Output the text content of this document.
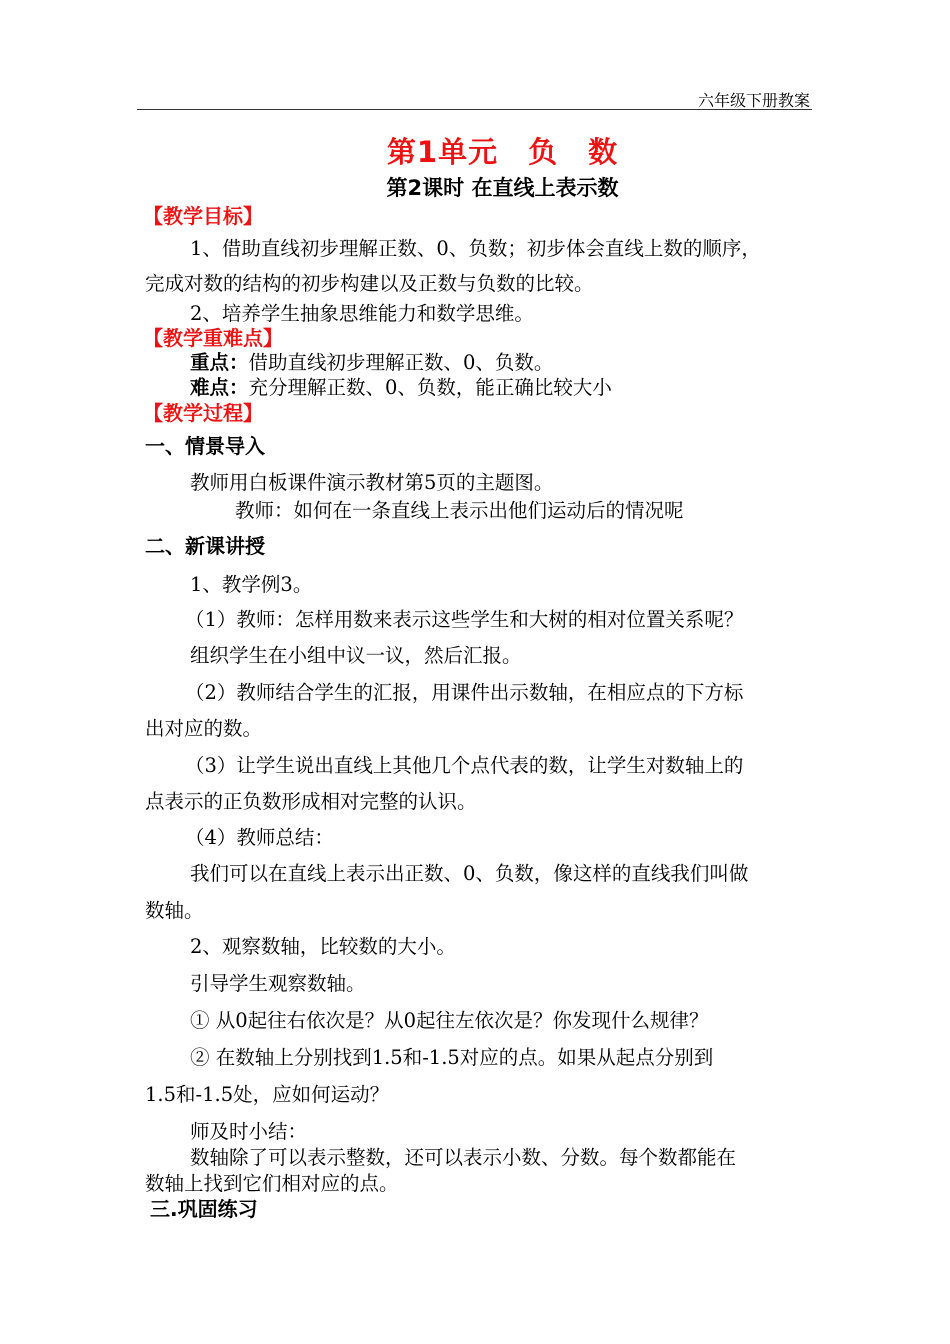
六年级下册教案
第1单元　负　数
第2课时 在直线上表示数
【教学目标】
1、借助直线初步理解正数、0、负数；初步体会直线上数的顺序，
完成对数的结构的初步构建以及正数与负数的比较。
2、培养学生抽象思维能力和数学思维。
【教学重难点】
重点：借助直线初步理解正数、0、负数。
难点：充分理解正数、0、负数，能正确比较大小
【教学过程】
一、情景导入
教师用白板课件演示教材第5页的主题图。
教师：如何在一条直线上表示出他们运动后的情况呢
二、新课讲授
1、教学例3。
（1）教师：怎样用数来表示这些学生和大树的相对位置关系呢？
组织学生在小组中议一议，然后汇报。
（2）教师结合学生的汇报，用课件出示数轴，在相应点的下方标
出对应的数。
（3）让学生说出直线上其他几个点代表的数，让学生对数轴上的
点表示的正负数形成相对完整的认识。
（4）教师总结：
我们可以在直线上表示出正数、0、负数，像这样的直线我们叫做
数轴。
2、观察数轴，比较数的大小。
引导学生观察数轴。
① 从0起往右依次是？从0起往左依次是？你发现什么规律？
② 在数轴上分别找到1.5和-1.5对应的点。如果从起点分别到
1.5和-1.5处，应如何运动？
师及时小结：
数轴除了可以表示整数，还可以表示小数、分数。每个数都能在
数轴上找到它们相对应的点。
三.巩固练习
